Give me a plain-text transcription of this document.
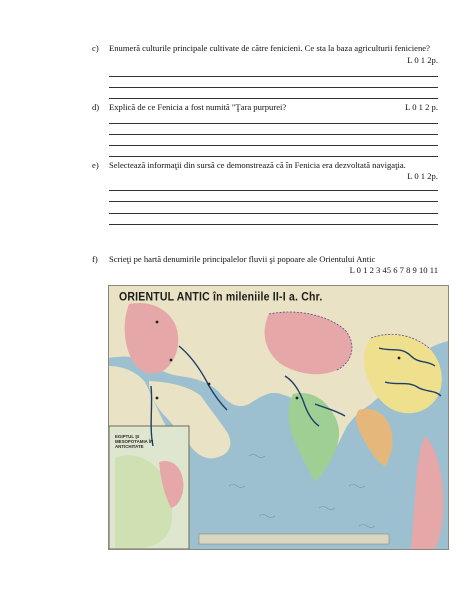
c) Enumeră culturile principale cultivate de către fenicieni. Ce sta la baza agriculturii feniciene?
L 0 1 2p.
d) Explică de ce Fenicia a fost numită "Ţara purpurei?	L 0 1 2 p.
e) Selectează informaţii din sursă ce demonstrează că în Fenicia era dezvoltată navigaţia.
L 0 1 2p.
f) Scrieţi pe hartă denumirile principalelor fluvii şi popoare ale Orientului Antic
L 0 1 2 3 45 6 7 8 9 10 11
ORIENTUL ANTIC în mileniile II-I a. Chr.
EGIPTUL ŞI MESOPOTAMIA ÎN ANTICHITATE
